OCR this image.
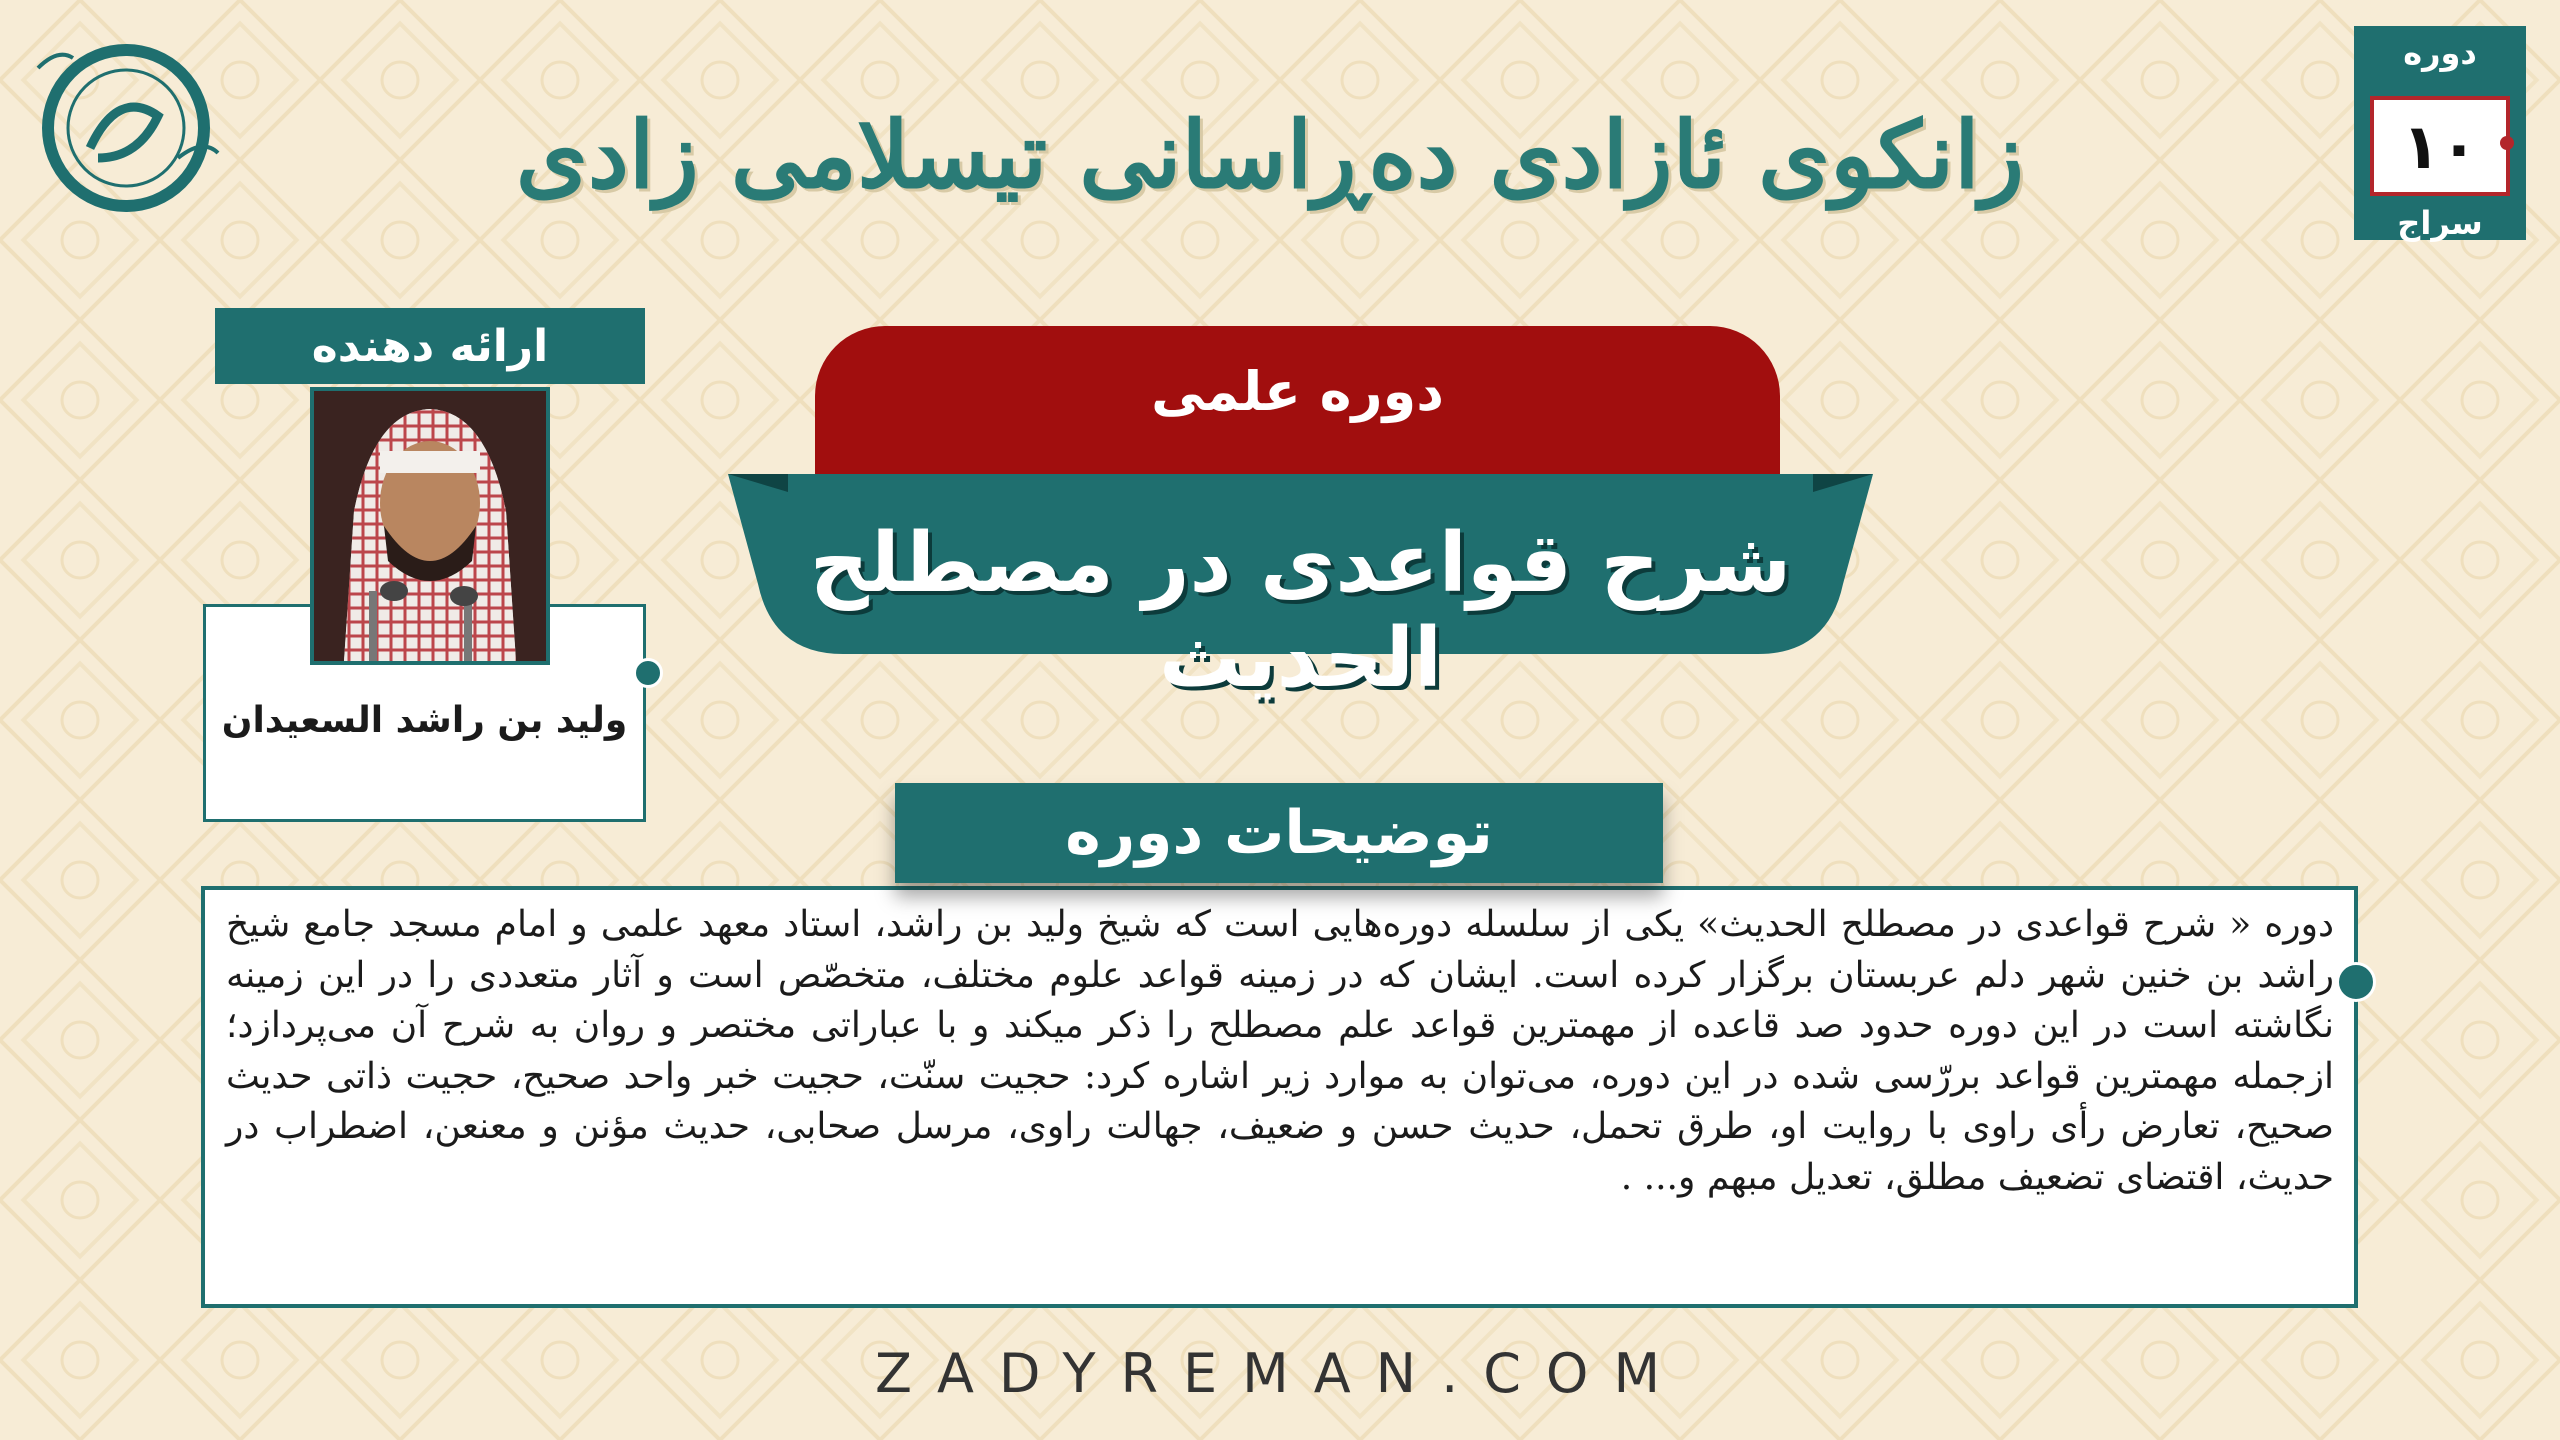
زانکوی ئازادی دەڕاسانی تیسلامی زادی
دوره
۱۰
سراج
ارائه دهنده
ولید بن راشد السعیدان
دوره علمی
شرح قواعدی در مصطلح الحدیث
توضیحات دوره
دوره « شرح قواعدی در مصطلح الحدیث» یکی از سلسله دوره‌هایی است که شیخ ولید بن راشد، استاد معهد علمی و امام مسجد جامع شیخ راشد بن خنین شهر دلم عربستان برگزار کرده است. ایشان که در زمینه قواعد علوم مختلف، متخصّص است و آثار متعددی را در این زمینه نگاشته است در این دوره حدود صد قاعده از مهمترین قواعد علم مصطلح را ذکر میکند و با عباراتی مختصر و روان به شرح آن می‌پردازد؛ ازجمله مهمترین قواعد بررّسی شده در این دوره، می‌توان به موارد زیر اشاره کرد: حجیت سنّت، حجیت خبر واحد صحیح، حجیت ذاتی حدیث صحیح، تعارض رأی راوی با روایت او، طرق تحمل، حدیث حسن و ضعیف، جهالت راوی، مرسل صحابی، حدیث مؤنن و معنعن، اضطراب در حدیث، اقتضای تضعیف مطلق، تعدیل مبهم و... .
ZADYREMAN.COM
